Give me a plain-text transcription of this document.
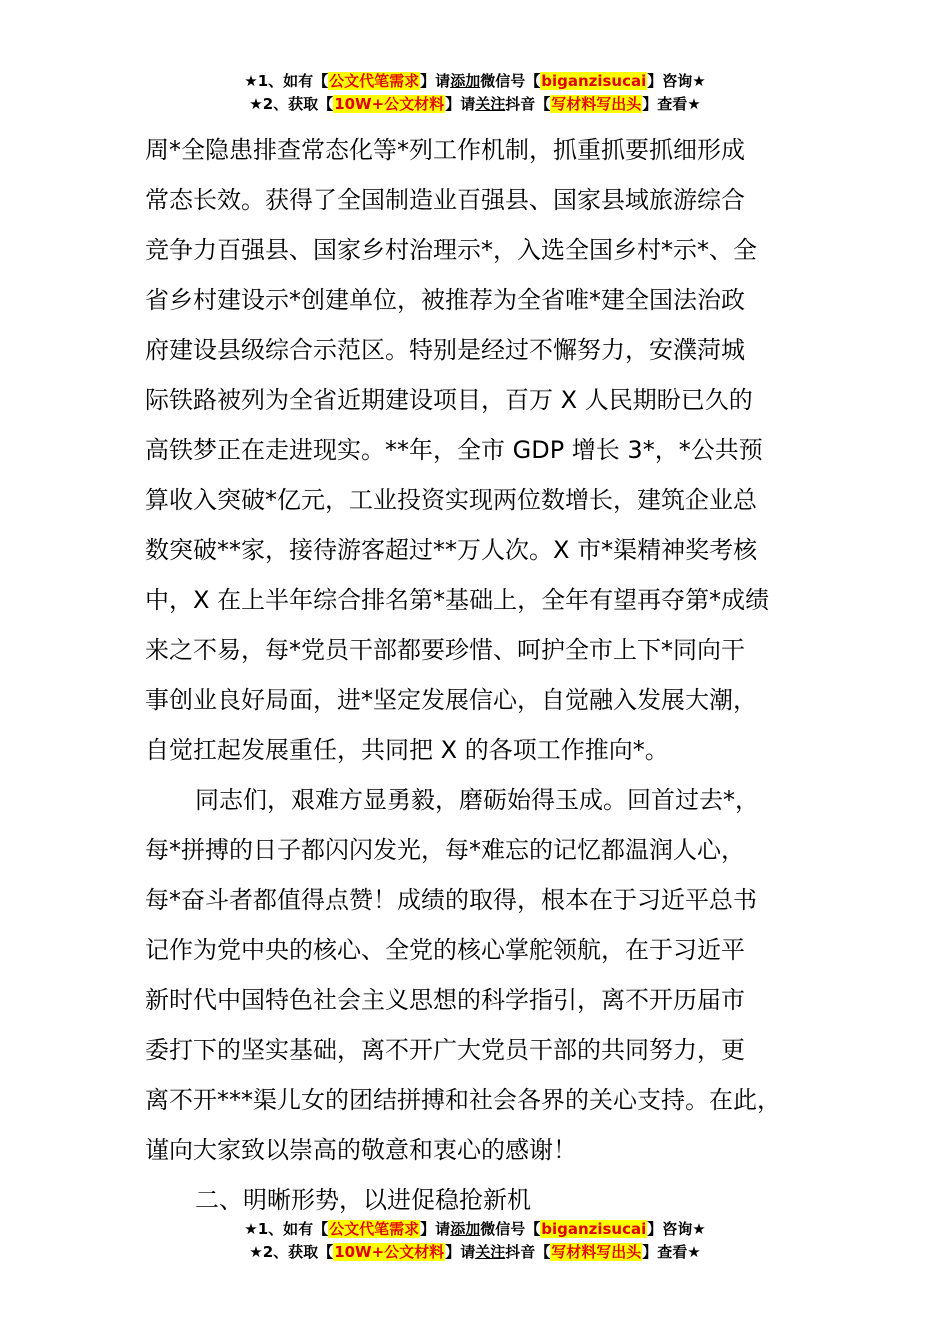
★1、如有【公文代笔需求】请添加微信号【biganzisucai】咨询★
★2、获取【10W+公文材料】请关注抖音【写材料写出头】查看★
周*全隐患排查常态化等*列工作机制，抓重抓要抓细形成
常态长效。获得了全国制造业百强县、国家县域旅游综合
竞争力百强县、国家乡村治理示*，入选全国乡村*示*、全
省乡村建设示*创建单位，被推荐为全省唯*建全国法治政
府建设县级综合示范区。特别是经过不懈努力，安濮菏城
际铁路被列为全省近期建设项目，百万 X 人民期盼已久的
高铁梦正在走进现实。**年，全市 GDP 增长 3*，*公共预
算收入突破*亿元，工业投资实现两位数增长，建筑企业总
数突破**家，接待游客超过**万人次。X 市*渠精神奖考核
中，X 在上半年综合排名第*基础上，全年有望再夺第*成绩
来之不易，每*党员干部都要珍惜、呵护全市上下*同向干
事创业良好局面，进*坚定发展信心，自觉融入发展大潮，
自觉扛起发展重任，共同把 X 的各项工作推向*。
同志们，艰难方显勇毅，磨砺始得玉成。回首过去*，
每*拼搏的日子都闪闪发光，每*难忘的记忆都温润人心，
每*奋斗者都值得点赞！成绩的取得，根本在于习近平总书
记作为党中央的核心、全党的核心掌舵领航，在于习近平
新时代中国特色社会主义思想的科学指引，离不开历届市
委打下的坚实基础，离不开广大党员干部的共同努力，更
离不开***渠儿女的团结拼搏和社会各界的关心支持。在此，
谨向大家致以崇高的敬意和衷心的感谢！
二、明晰形势，以进促稳抢新机
★1、如有【公文代笔需求】请添加微信号【biganzisucai】咨询★
★2、获取【10W+公文材料】请关注抖音【写材料写出头】查看★
